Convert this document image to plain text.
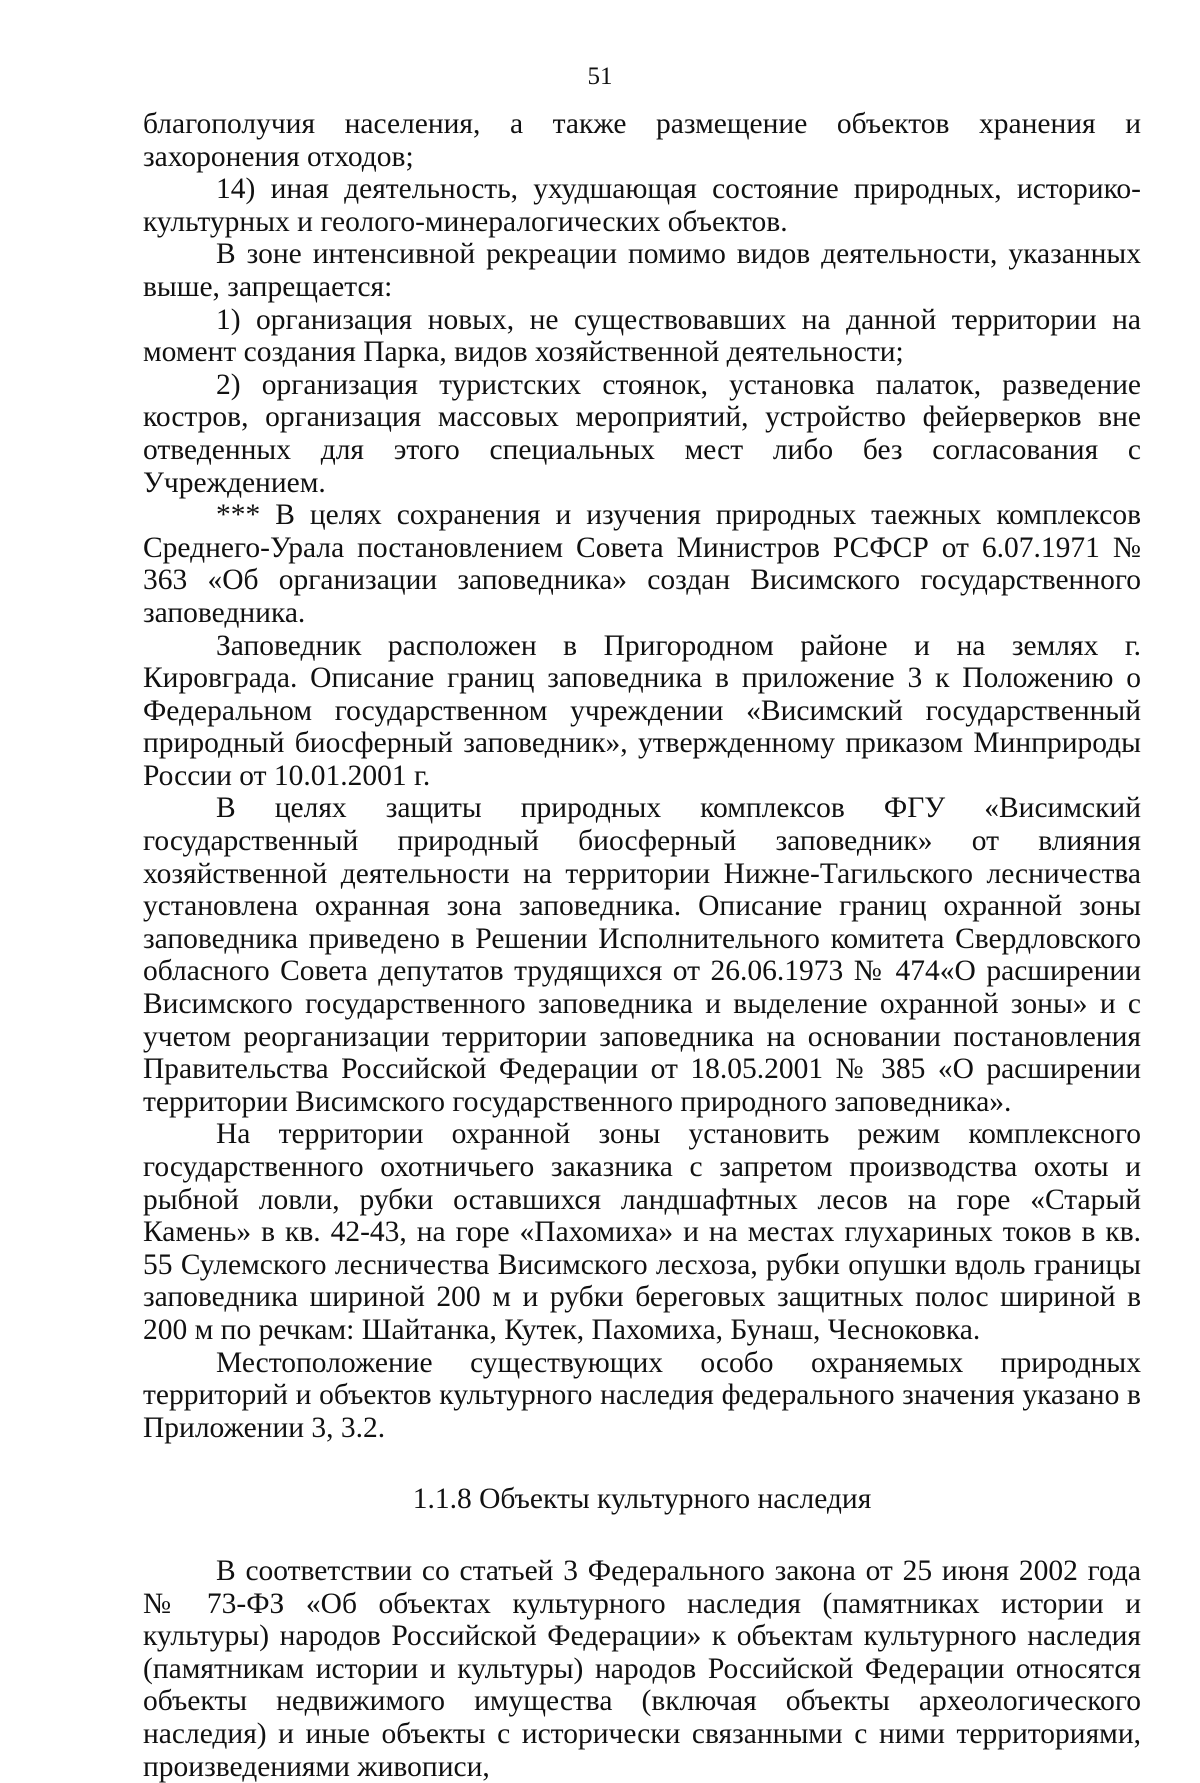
51

благополучия населения, а также размещение объектов хранения и захоронения отходов;

14) иная деятельность, ухудшающая состояние природных, историко-культурных и геолого-минералогических объектов.

В зоне интенсивной рекреации помимо видов деятельности, указанных выше, запрещается:

1) организация новых, не существовавших на данной территории на момент создания Парка, видов хозяйственной деятельности;

2) организация туристских стоянок, установка палаток, разведение костров, организация массовых мероприятий, устройство фейерверков вне отведенных для этого специальных мест либо без согласования с Учреждением.

*** В целях сохранения и изучения природных таежных комплексов Среднего-Урала постановлением Совета Министров РСФСР от 6.07.1971 № 363 «Об организации заповедника» создан Висимского государственного заповедника.

Заповедник расположен в Пригородном районе и на землях г. Кировграда. Описание границ заповедника в приложение 3 к Положению о Федеральном государственном учреждении «Висимский государственный природный биосферный заповедник», утвержденному приказом Минприроды России от 10.01.2001 г.

В целях защиты природных комплексов ФГУ «Висимский государственный природный биосферный заповедник» от влияния хозяйственной деятельности на территории Нижне-Тагильского лесничества установлена охранная зона заповедника. Описание границ охранной зоны заповедника приведено в Решении Исполнительного комитета Свердловского обласного Совета депутатов трудящихся от 26.06.1973 № 474«О расширении Висимского государственного заповедника и выделение охранной зоны» и с учетом реорганизации территории заповедника на основании постановления Правительства Российской Федерации от 18.05.2001 № 385 «О расширении территории Висимского государственного природного заповедника».

На территории охранной зоны установить режим комплексного государственного охотничьего заказника с запретом производства охоты и рыбной ловли, рубки оставшихся ландшафтных лесов на горе «Старый Камень» в кв. 42-43, на горе «Пахомиха» и на местах глухариных токов в кв. 55 Сулемского лесничества Висимского лесхоза, рубки опушки вдоль границы заповедника шириной 200 м и рубки береговых защитных полос шириной в 200 м по речкам: Шайтанка, Кутек, Пахомиха, Бунаш, Чесноковка.

Местоположение существующих особо охраняемых природных территорий и объектов культурного наследия федерального значения указано в Приложении 3, 3.2.

1.1.8 Объекты культурного наследия

В соответствии со статьей 3 Федерального закона от 25 июня 2002 года № 73-ФЗ «Об объектах культурного наследия (памятниках истории и культуры) народов Российской Федерации» к объектам культурного наследия (памятникам истории и культуры) народов Российской Федерации относятся объекты недвижимого имущества (включая объекты археологического наследия) и иные объекты с исторически связанными с ними территориями, произведениями живописи,
